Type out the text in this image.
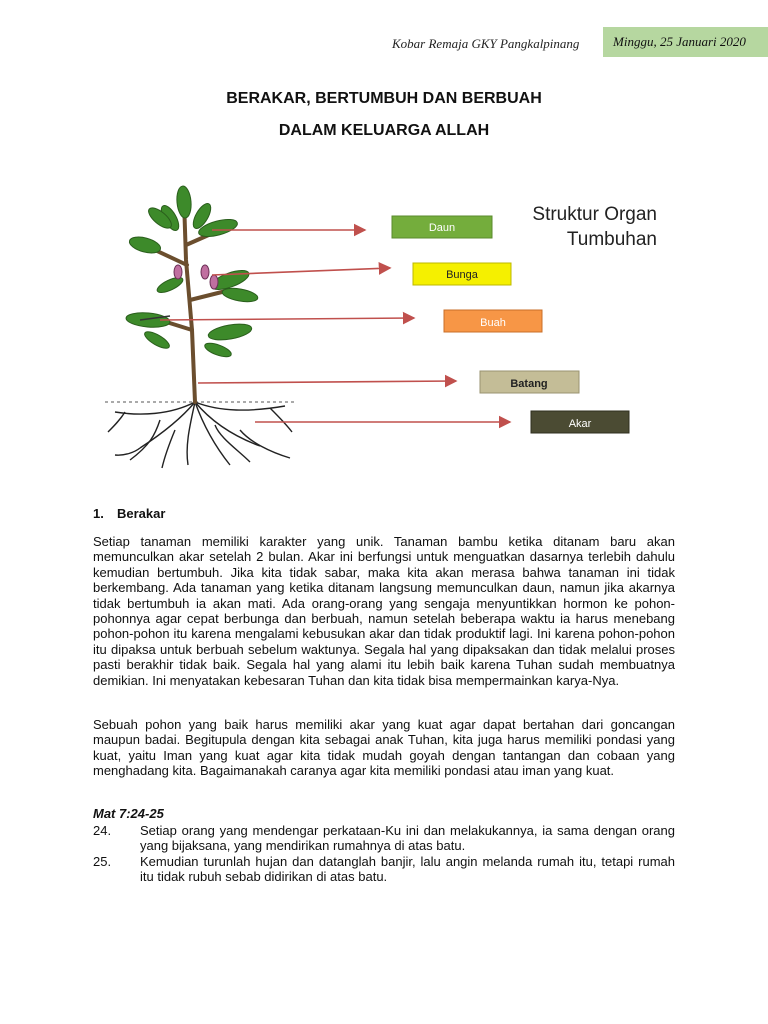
Kobar Remaja GKY Pangkalpinang	Minggu, 25 Januari 2020
BERAKAR, BERTUMBUH DAN BERBUAH
DALAM KELUARGA ALLAH
Daun
Bunga
Buah
Batang
Akar
Struktur Organ
Tumbuhan
1. Berakar

Setiap tanaman memiliki karakter yang unik. Tanaman bambu ketika ditanam baru akan memunculkan akar setelah 2 bulan. Akar ini berfungsi untuk menguatkan dasarnya terlebih dahulu kemudian bertumbuh. Jika kita tidak sabar, maka kita akan merasa bahwa tanaman ini tidak berkembang. Ada tanaman yang ketika ditanam langsung memunculkan daun, namun jika akarnya tidak bertumbuh ia akan mati. Ada orang-orang yang sengaja menyuntikkan hormon ke pohon-pohonnya agar cepat berbunga dan berbuah, namun setelah beberapa waktu ia harus menebang pohon-pohon itu karena mengalami kebusukan akar dan tidak produktif lagi. Ini karena pohon-pohon itu dipaksa untuk berbuah sebelum waktunya. Segala hal yang dipaksakan dan tidak melalui proses pasti berakhir tidak baik. Segala hal yang alami itu lebih baik karena Tuhan sudah membuatnya demikian. Ini menyatakan kebesaran Tuhan dan kita tidak bisa mempermainkan karya-Nya.

Sebuah pohon yang baik harus memiliki akar yang kuat agar dapat bertahan dari goncangan maupun badai. Begitupula dengan kita sebagai anak Tuhan, kita juga harus memiliki pondasi yang kuat, yaitu Iman yang kuat agar kita tidak mudah goyah dengan tantangan dan cobaan yang menghadang kita. Bagaimanakah caranya agar kita memiliki pondasi atau iman yang kuat.

Mat 7:24-25
24. Setiap orang yang mendengar perkataan-Ku ini dan melakukannya, ia sama dengan orang yang bijaksana, yang mendirikan rumahnya di atas batu.
25. Kemudian turunlah hujan dan datanglah banjir, lalu angin melanda rumah itu, tetapi rumah itu tidak rubuh sebab didirikan di atas batu.
